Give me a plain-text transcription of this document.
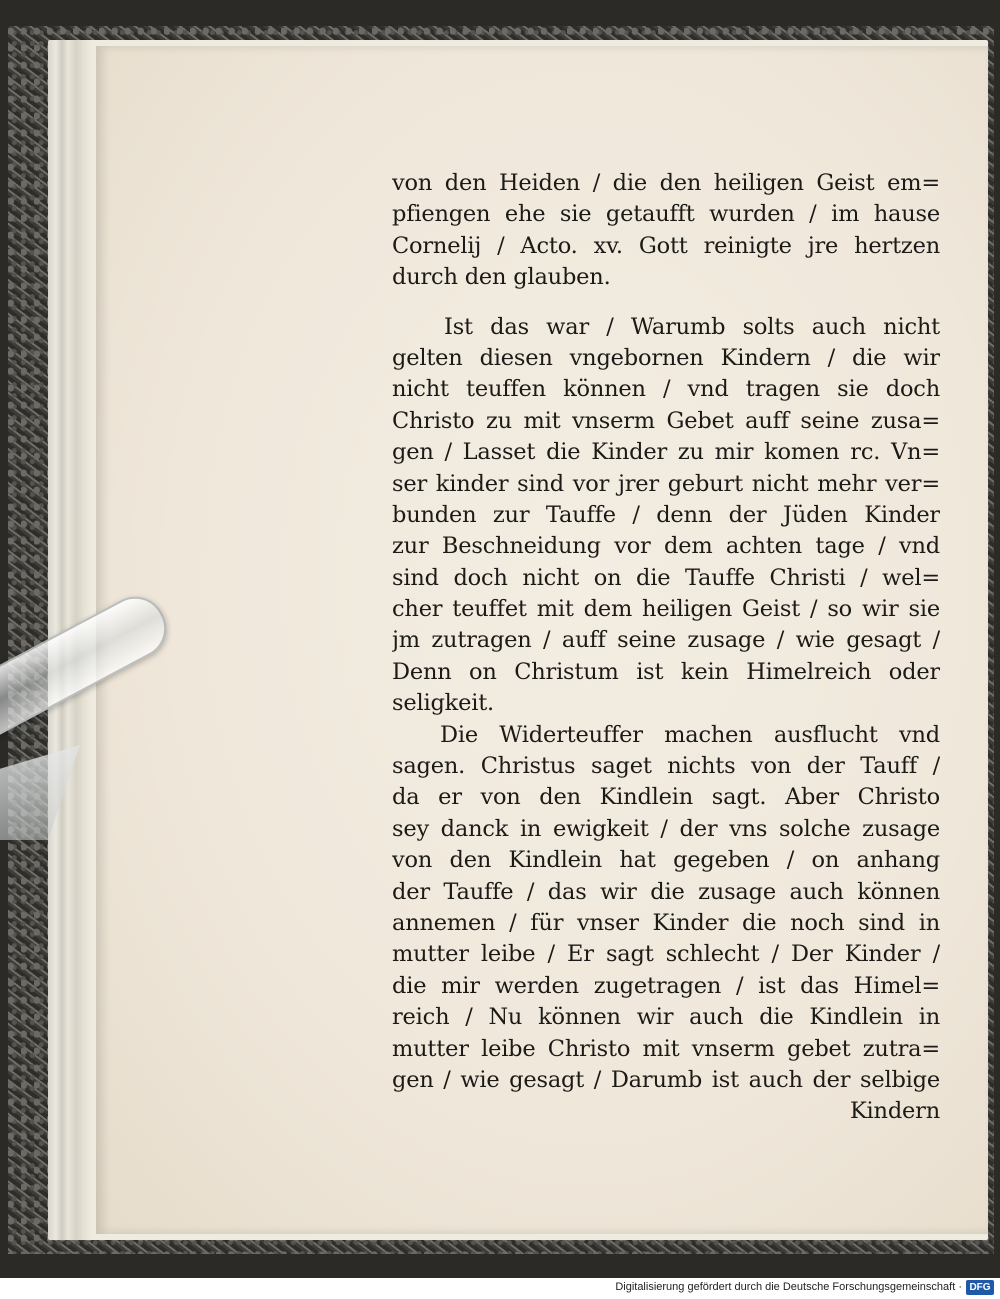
von den Heiden / die den heiligen Geist em=
pfiengen ehe sie getaufft wurden / im hause
Cornelij / Acto. xv. Gott reinigte jre hertzen
durch den glauben.
Ist das war / Warumb solts auch nicht
gelten diesen vngebornen Kindern / die wir
nicht teuffen können / vnd tragen sie doch
Christo zu mit vnserm Gebet auff seine zusa=
gen / Lasset die Kinder zu mir komen rc. Vn=
ser kinder sind vor jrer geburt nicht mehr ver=
bunden zur Tauffe / denn der Jüden Kinder
zur Beschneidung vor dem achten tage / vnd
sind doch nicht on die Tauffe Christi / wel=
cher teuffet mit dem heiligen Geist / so wir sie
jm zutragen / auff seine zusage / wie gesagt /
Denn on Christum ist kein Himelreich oder
seligkeit.
Die Widerteuffer machen ausflucht vnd
sagen. Christus saget nichts von der Tauff /
da er von den Kindlein sagt. Aber Christo
sey danck in ewigkeit / der vns solche zusage
von den Kindlein hat gegeben / on anhang
der Tauffe / das wir die zusage auch können
annemen / für vnser Kinder die noch sind in
mutter leibe / Er sagt schlecht / Der Kinder /
die mir werden zugetragen / ist das Himel=
reich / Nu können wir auch die Kindlein in
mutter leibe Christo mit vnserm gebet zutra=
gen / wie gesagt / Darumb ist auch der selbige
Kindern
Digitalisierung gefördert durch die Deutsche Forschungsgemeinschaft · DFG
